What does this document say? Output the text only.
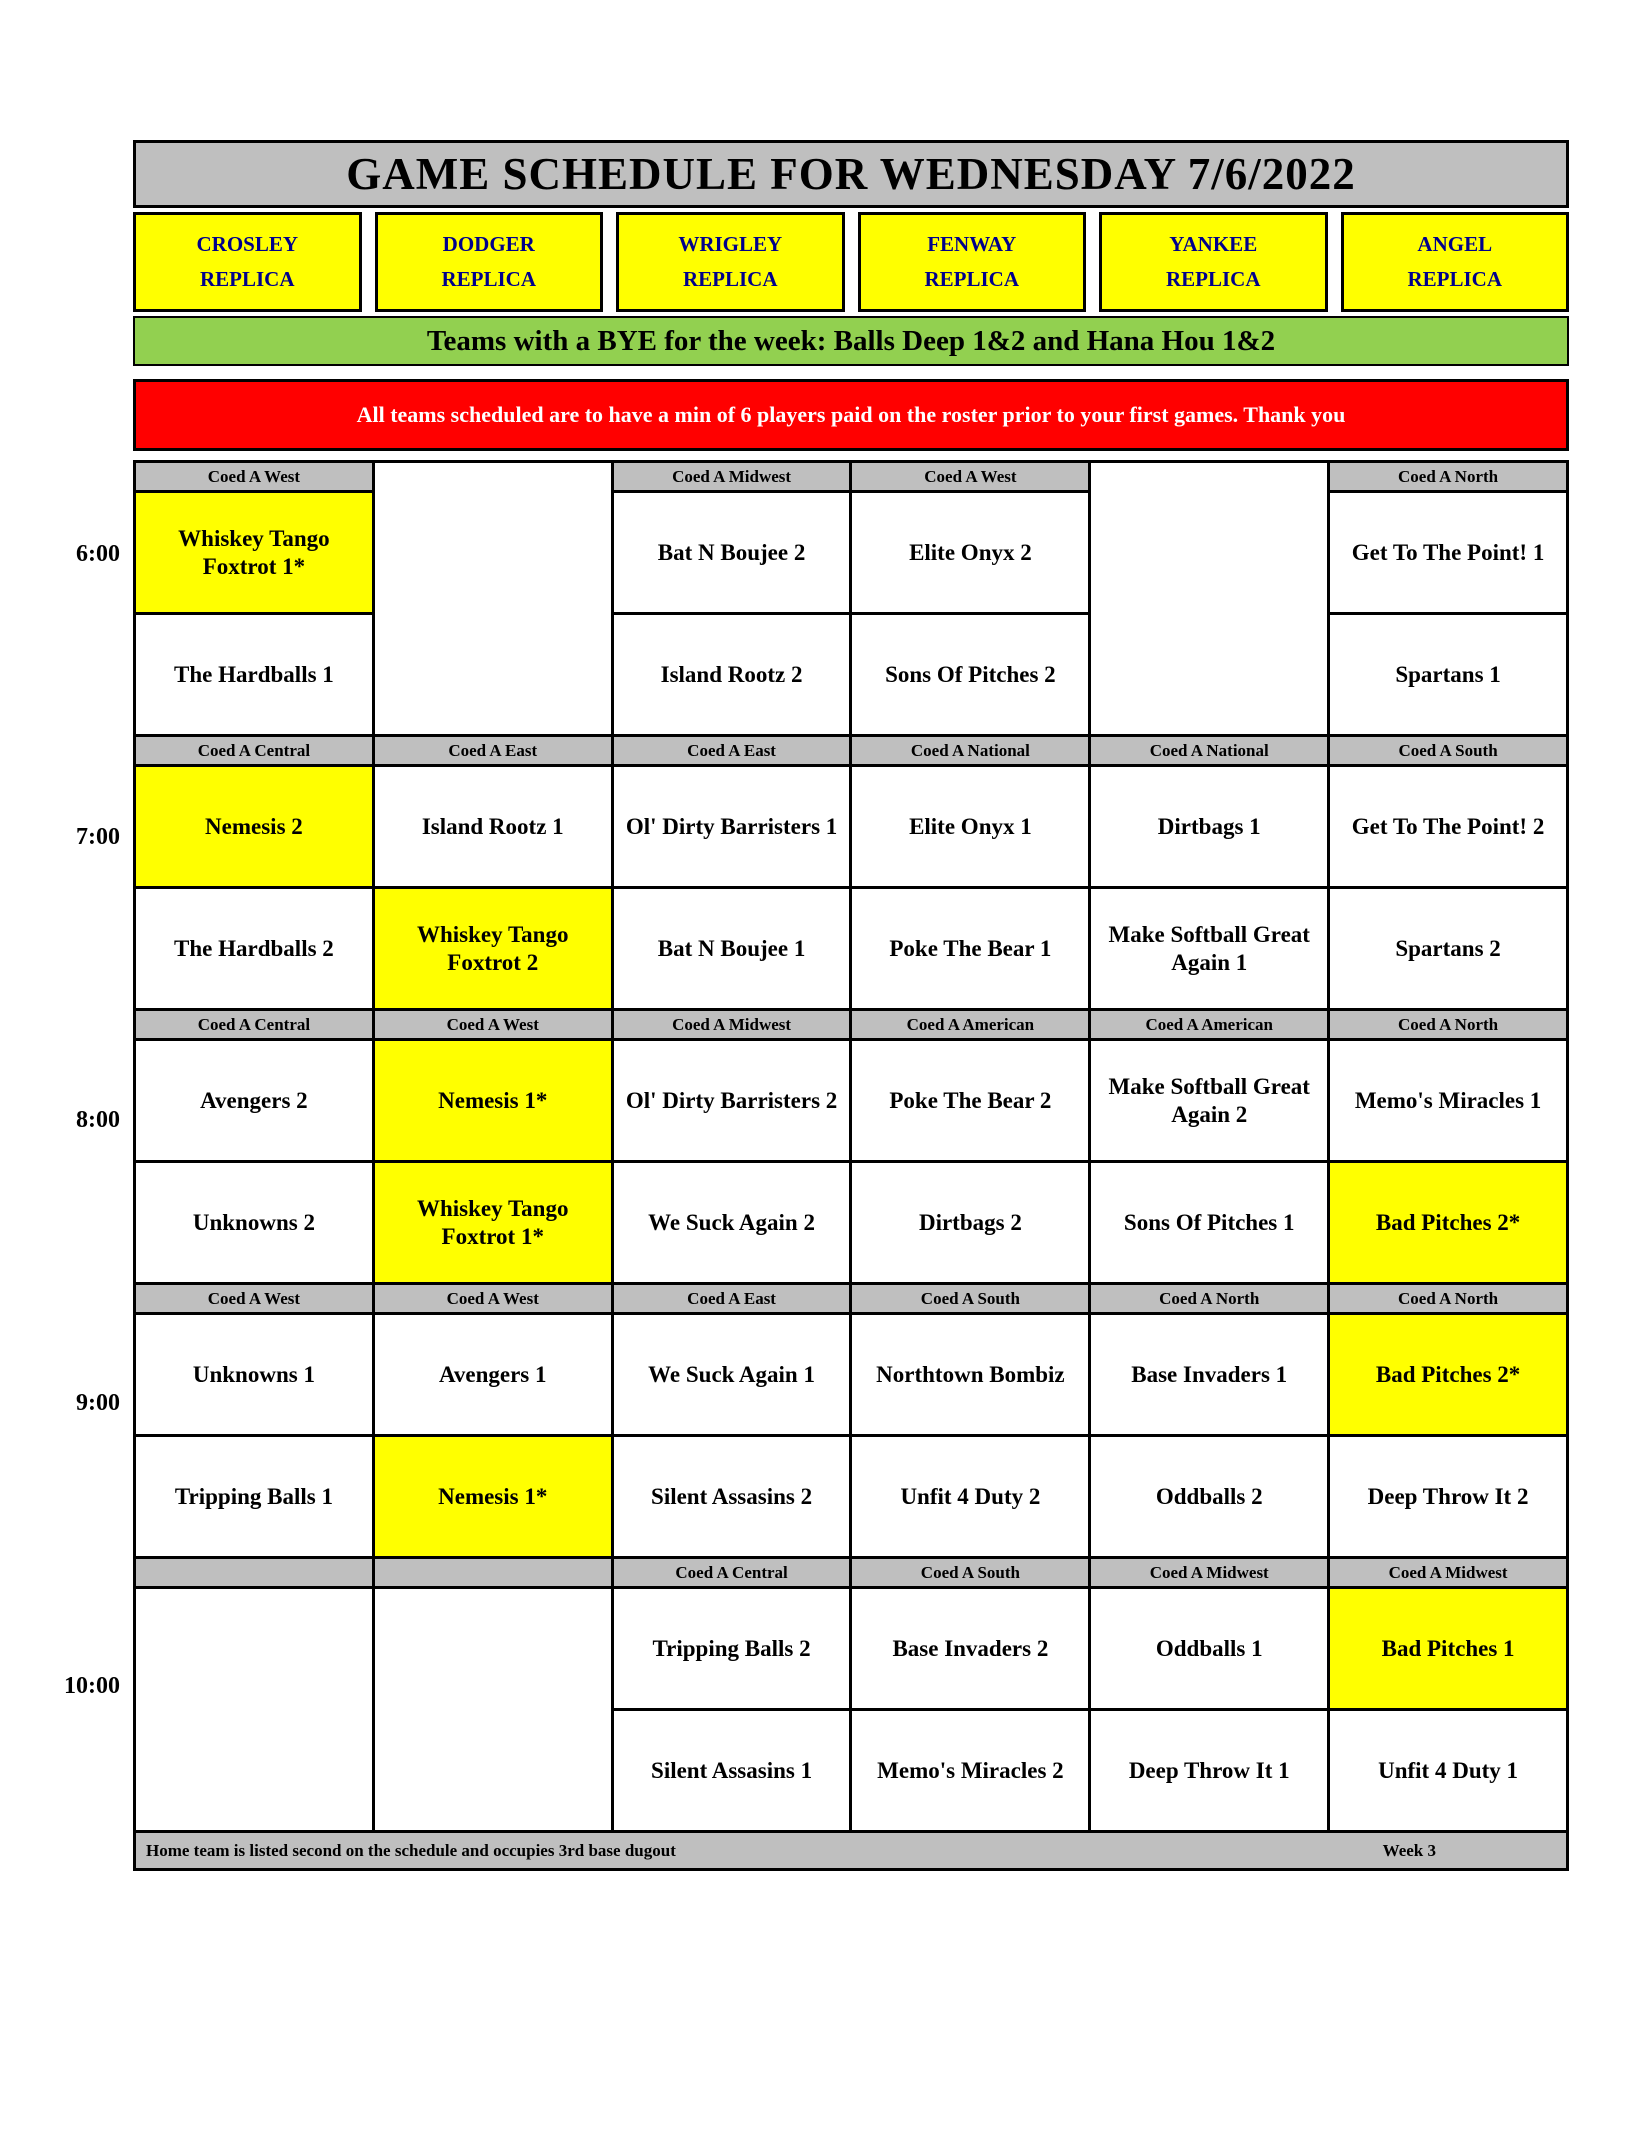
6:00
7:00
8:00
9:00
10:00
GAME SCHEDULE FOR WEDNESDAY 7/6/2022
CROSLEY
REPLICA
DODGER
REPLICA
WRIGLEY
REPLICA
FENWAY
REPLICA
YANKEE
REPLICA
ANGEL
REPLICA
Teams with a BYE for the week: Balls Deep 1&2 and Hana Hou 1&2
All teams scheduled are to have a min of 6 players paid on the roster prior to your first games. Thank you
Coed A West		Coed A Midwest	Coed A West		Coed A North
Whiskey Tango Foxtrot 1*		Bat N Boujee 2	Elite Onyx 2		Get To The Point! 1
The Hardballs 1		Island Rootz 2	Sons Of Pitches 2		Spartans 1
Coed A Central	Coed A East	Coed A East	Coed A National	Coed A National	Coed A South
Nemesis 2	Island Rootz 1	Ol' Dirty Barristers 1	Elite Onyx 1	Dirtbags 1	Get To The Point! 2
The Hardballs 2	Whiskey Tango Foxtrot 2	Bat N Boujee 1	Poke The Bear 1	Make Softball Great Again 1	Spartans 2
Coed A Central	Coed A West	Coed A Midwest	Coed A American	Coed A American	Coed A North
Avengers 2	Nemesis 1*	Ol' Dirty Barristers 2	Poke The Bear 2	Make Softball Great Again 2	Memo's Miracles 1
Unknowns 2	Whiskey Tango Foxtrot 1*	We Suck Again 2	Dirtbags 2	Sons Of Pitches 1	Bad Pitches 2*
Coed A West	Coed A West	Coed A East	Coed A South	Coed A North	Coed A North
Unknowns 1	Avengers 1	We Suck Again 1	Northtown Bombiz	Base Invaders 1	Bad Pitches 2*
Tripping Balls 1	Nemesis 1*	Silent Assasins 2	Unfit 4 Duty 2	Oddballs 2	Deep Throw It 2
		Coed A Central	Coed A South	Coed A Midwest	Coed A Midwest
		Tripping Balls 2	Base Invaders 2	Oddballs 1	Bad Pitches 1
		Silent Assasins 1	Memo's Miracles 2	Deep Throw It 1	Unfit 4 Duty 1
Home team is listed second on the schedule and occupies 3rd base dugout	Week 3
